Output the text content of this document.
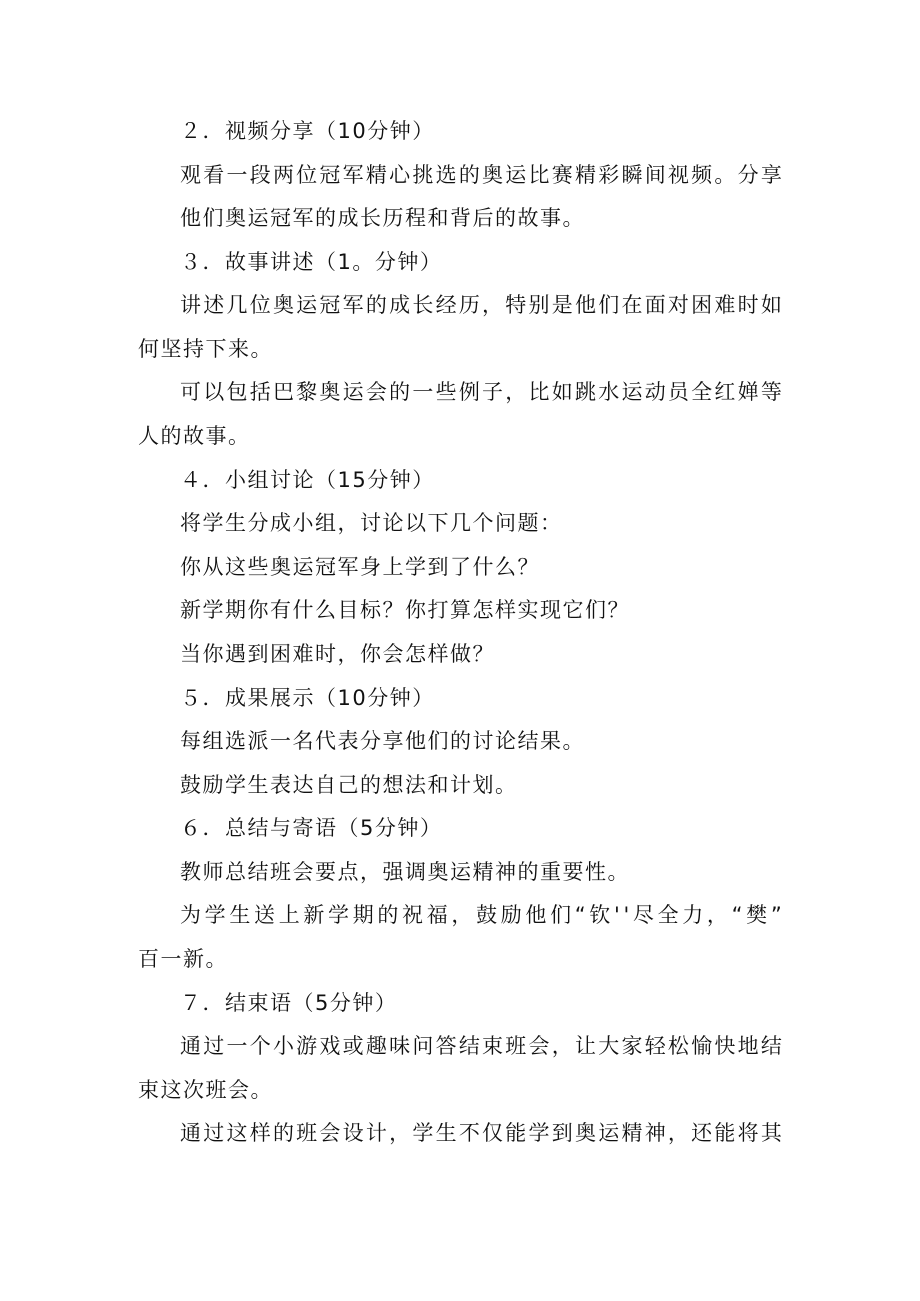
２．视频分享（10分钟）
观 看 一 段 两 位 冠 军 精 心 挑 选 的 奥 运 比 赛 精 彩 瞬 间 视 频 。 分 享
他们奥运冠军的成长历程和背后的故事。
３．故事讲述（1。分钟）
讲 述 几 位 奥 运 冠 军 的 成 长 经 历 ， 特 别 是 他 们 在 面 对 困 难 时 如
何坚持下来。
可 以 包 括 巴 黎 奥 运 会 的 一 些 例 子 ， 比 如 跳 水 运 动 员 全 红 婵 等
人的故事。
４．小组讨论（15分钟）
将学生分成小组，讨论以下几个问题：
你从这些奥运冠军身上学到了什么？
新学期你有什么目标？你打算怎样实现它们？
当你遇到困难时，你会怎样做？
５．成果展示（10分钟）
每组选派一名代表分享他们的讨论结果。
鼓励学生表达自己的想法和计划。
６．总结与寄语（5分钟）
教师总结班会要点，强调奥运精神的重要性。
为 学 生 送 上 新 学 期 的 祝 福 ， 鼓 励 他 们 “ 钦 ' ' 尽 全 力 ， “ 樊 ”
百一新。
７．结束语（5分钟）
通 过 一 个 小 游 戏 或 趣 味 问 答 结 束 班 会 ， 让 大 家 轻 松 愉 快 地 结
束这次班会。
通 过 这 样 的 班 会 设 计 ， 学 生 不 仅 能 学 到 奥 运 精 神 ， 还 能 将 其
